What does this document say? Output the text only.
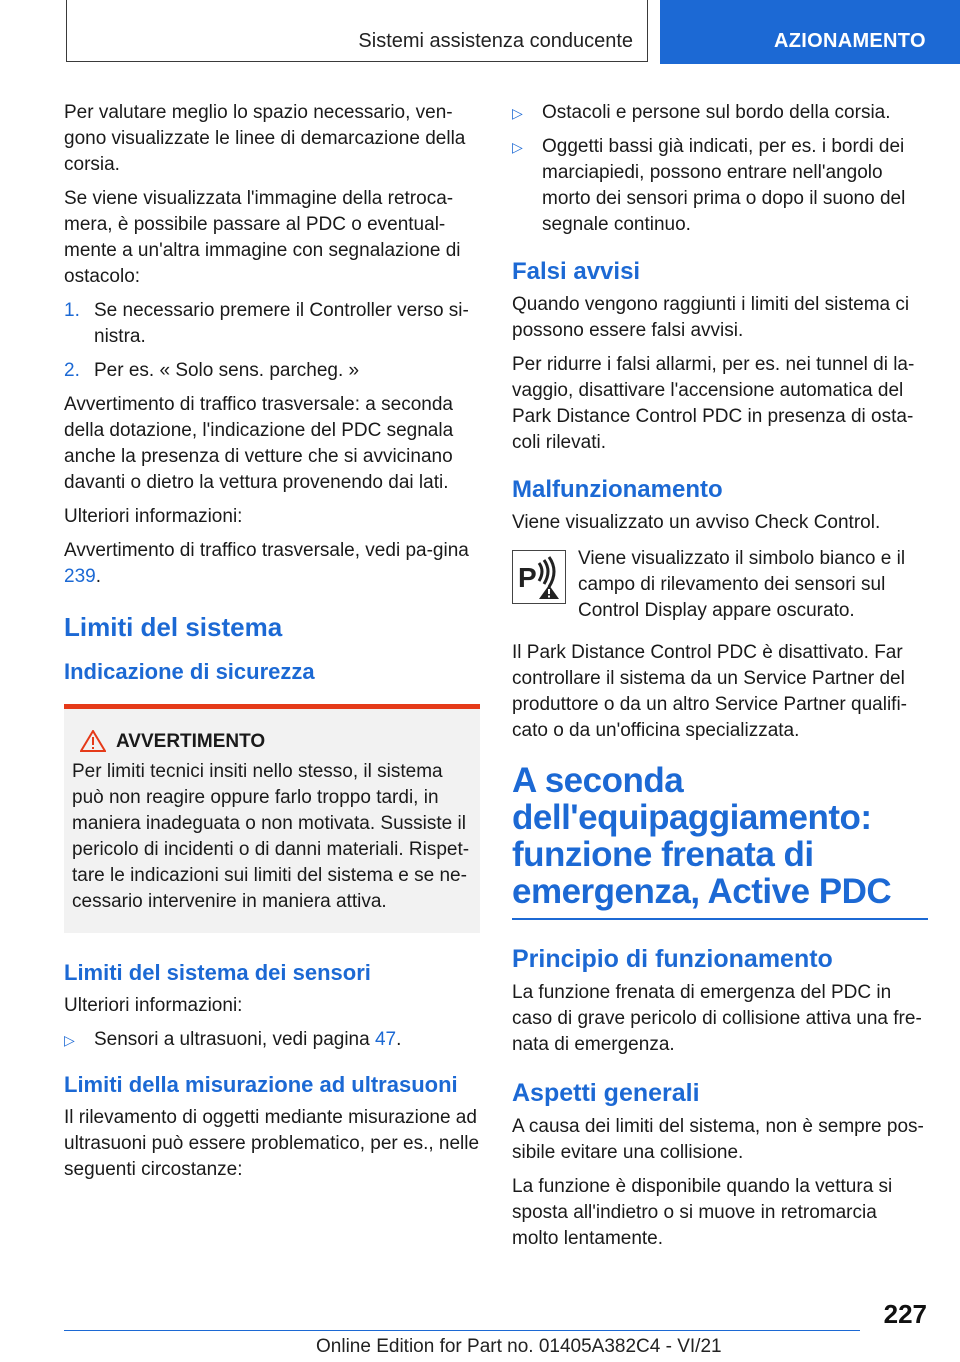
Sistemi assistenza conducente	AZIONAMENTO

Per valutare meglio lo spazio necessario, ven‐gono visualizzate le linee di demarcazione della corsia.

Se viene visualizzata l'immagine della retroca‐mera, è possibile passare al PDC o eventual‐mente a un'altra immagine con segnalazione di ostacolo:

1. Se necessario premere il Controller verso si‐nistra.
2. Per es. « Solo sens. parcheg. »

Avvertimento di traffico trasversale: a seconda della dotazione, l'indicazione del PDC segnala anche la presenza di vetture che si avvicinano davanti o dietro la vettura provenendo dai lati.

Ulteriori informazioni:

Avvertimento di traffico trasversale, vedi pa‐gina 239.

Limiti del sistema
Indicazione di sicurezza
AVVERTIMENTO

Per limiti tecnici insiti nello stesso, il sistema può non reagire oppure farlo troppo tardi, in maniera inadeguata o non motivata. Sussiste il pericolo di incidenti o di danni materiali. Rispet‐tare le indicazioni sui limiti del sistema e se ne‐cessario intervenire in maniera attiva.

Limiti del sistema dei sensori

Ulteriori informazioni:

▷ Sensori a ultrasuoni, vedi pagina 47.
Limiti della misurazione ad ultrasuoni

Il rilevamento di oggetti mediante misurazione ad ultrasuoni può essere problematico, per es., nelle seguenti circostanze:

▷ Ostacoli e persone sul bordo della corsia.
▷ Oggetti bassi già indicati, per es. i bordi dei marciapiedi, possono entrare nell'angolo morto dei sensori prima o dopo il suono del segnale continuo.
Falsi avvisi

Quando vengono raggiunti i limiti del sistema ci possono essere falsi avvisi.

Per ridurre i falsi allarmi, per es. nei tunnel di la‐vaggio, disattivare l'accensione automatica del Park Distance Control PDC in presenza di osta‐coli rilevati.

Malfunzionamento

Viene visualizzato un avviso Check Control.

P

Viene visualizzato il simbolo bianco e il campo di rilevamento dei sensori sul Control Display appare oscurato.

Il Park Distance Control PDC è disattivato. Far controllare il sistema da un Service Partner del produttore o da un altro Service Partner qualifi‐cato o da un'officina specializzata.

A seconda dell'equipaggiamento: funzione frenata di emergenza, Active PDC
Principio di funzionamento

La funzione frenata di emergenza del PDC in caso di grave pericolo di collisione attiva una fre‐nata di emergenza.

Aspetti generali

A causa dei limiti del sistema, non è sempre pos‐sibile evitare una collisione.

La funzione è disponibile quando la vettura si sposta all'indietro o si muove in retromarcia molto lentamente.

227
Online Edition for Part no. 01405A382C4 - VI/21
